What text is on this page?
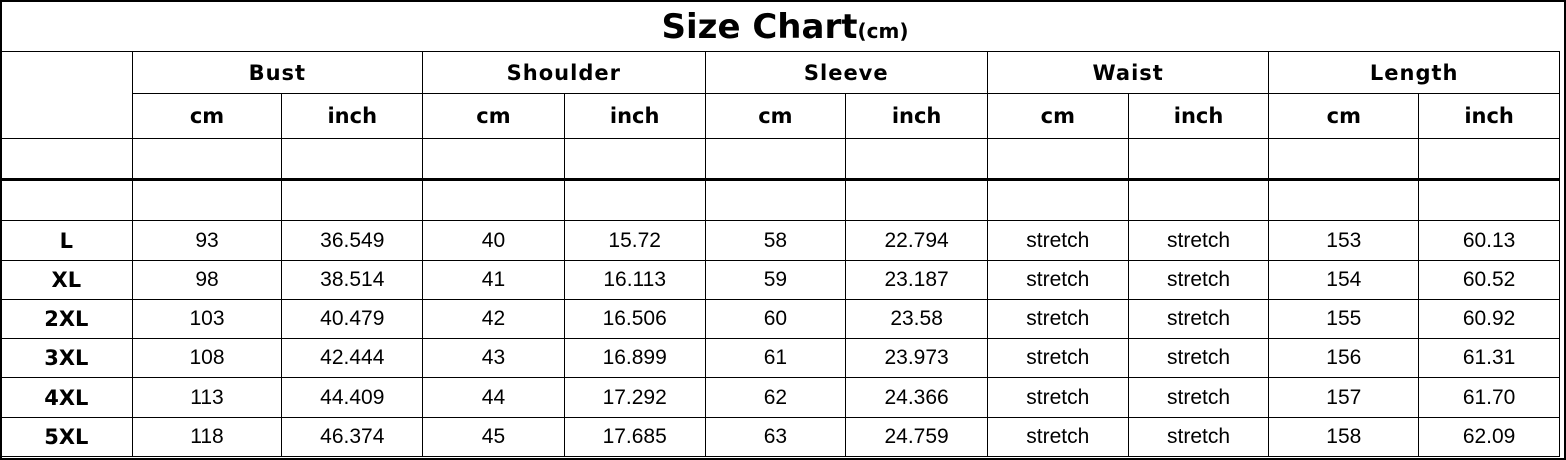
Size Chart(cm)
	Bust		Shoulder		Sleeve		Waist		Length	
	cm	inch	cm	inch	cm	inch	cm	inch	cm	inch

L	93	36.549	40	15.72	58	22.794	stretch	stretch	153	60.13
XL	98	38.514	41	16.113	59	23.187	stretch	stretch	154	60.52
2XL	103	40.479	42	16.506	60	23.58	stretch	stretch	155	60.92
3XL	108	42.444	43	16.899	61	23.973	stretch	stretch	156	61.31
4XL	113	44.409	44	17.292	62	24.366	stretch	stretch	157	61.70
5XL	118	46.374	45	17.685	63	24.759	stretch	stretch	158	62.09
